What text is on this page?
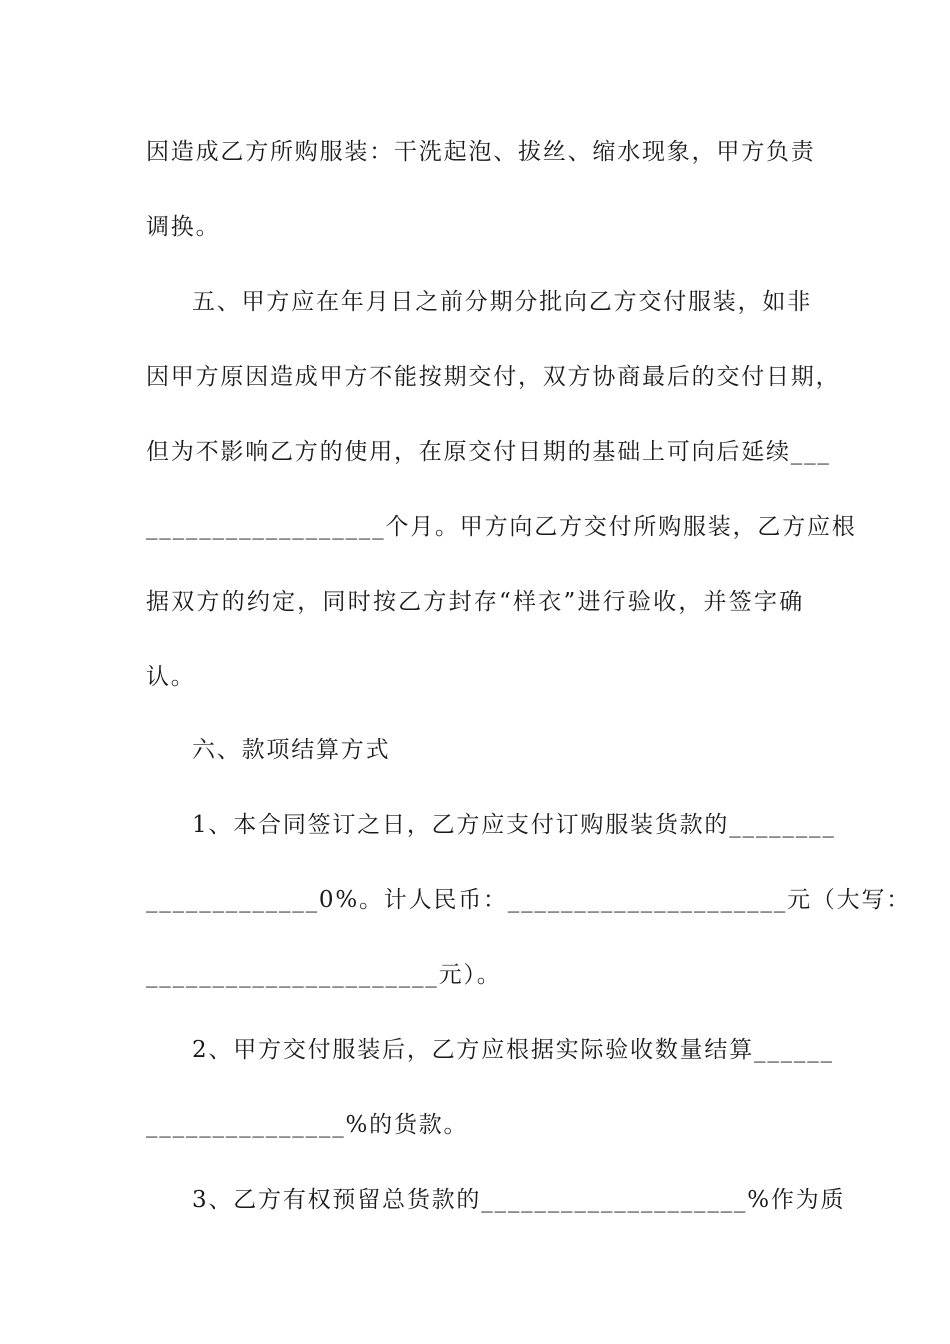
因造成乙方所购服装：干洗起泡、拔丝、缩水现象，甲方负责
调换。
五、甲方应在年月日之前分期分批向乙方交付服装，如非
因甲方原因造成甲方不能按期交付，双方协商最后的交付日期，
但为不影响乙方的使用，在原交付日期的基础上可向后延续___
__________________个月。甲方向乙方交付所购服装，乙方应根
据双方的约定，同时按乙方封存“样衣”进行验收，并签字确
认。
六、款项结算方式
1、本合同签订之日，乙方应支付订购服装货款的________
_____________0%。计人民币：_____________________元（大写：
______________________元）。
2、甲方交付服装后，乙方应根据实际验收数量结算______
_______________%的货款。
3、乙方有权预留总货款的____________________%作为质
